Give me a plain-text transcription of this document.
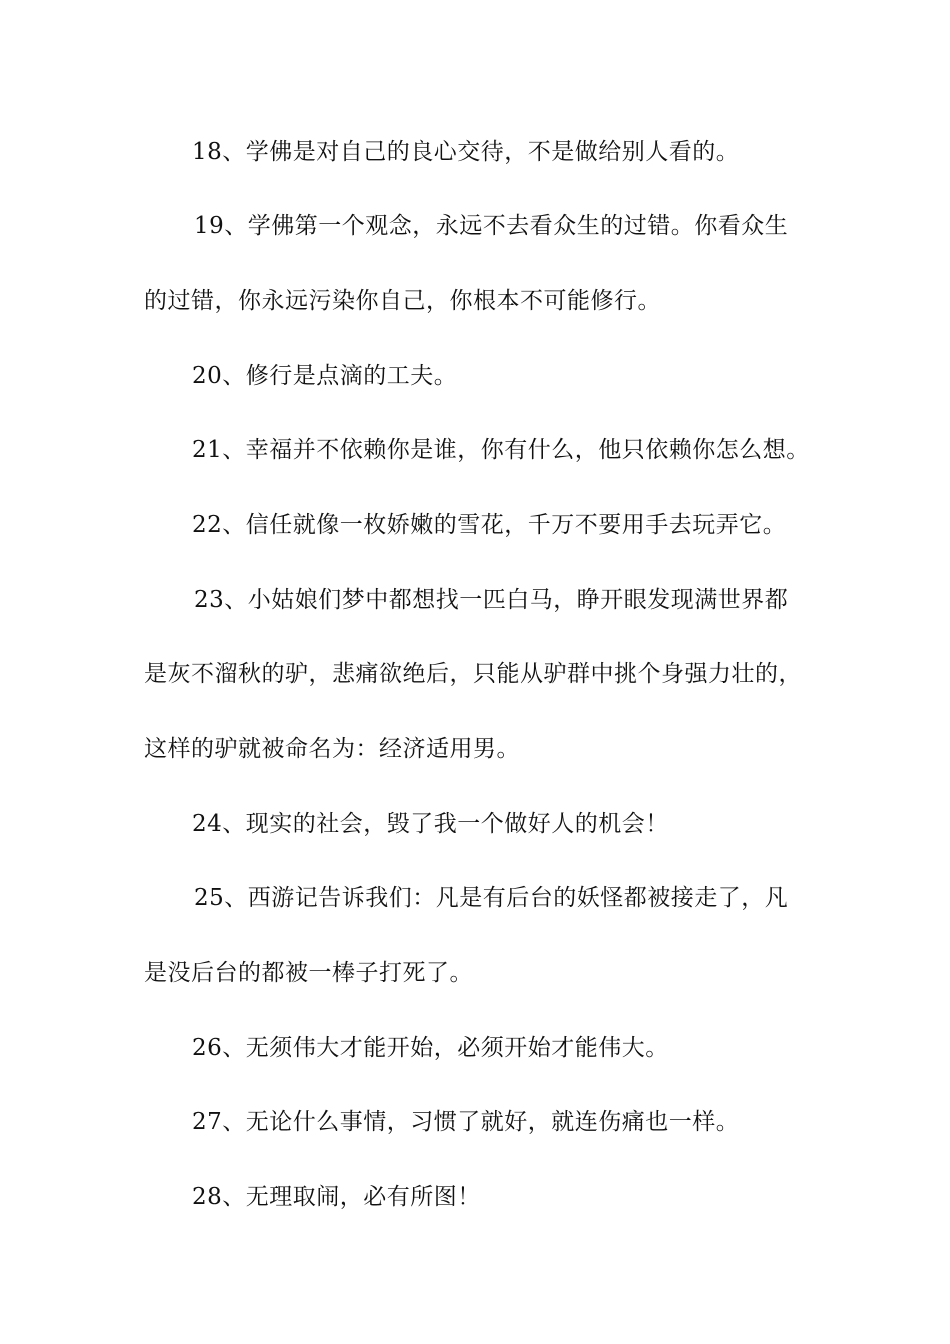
18、学佛是对自己的良心交待，不是做给别人看的。
19、学佛第一个观念，永远不去看众生的过错。你看众生
的过错，你永远污染你自己，你根本不可能修行。
20、修行是点滴的工夫。
21、幸福并不依赖你是谁，你有什么，他只依赖你怎么想。
22、信任就像一枚娇嫩的雪花，千万不要用手去玩弄它。
23、小姑娘们梦中都想找一匹白马，睁开眼发现满世界都
是灰不溜秋的驴，悲痛欲绝后，只能从驴群中挑个身强力壮的，
这样的驴就被命名为：经济适用男。
24、现实的社会，毁了我一个做好人的机会！
25、西游记告诉我们：凡是有后台的妖怪都被接走了，凡
是没后台的都被一棒子打死了。
26、无须伟大才能开始，必须开始才能伟大。
27、无论什么事情，习惯了就好，就连伤痛也一样。
28、无理取闹，必有所图！
